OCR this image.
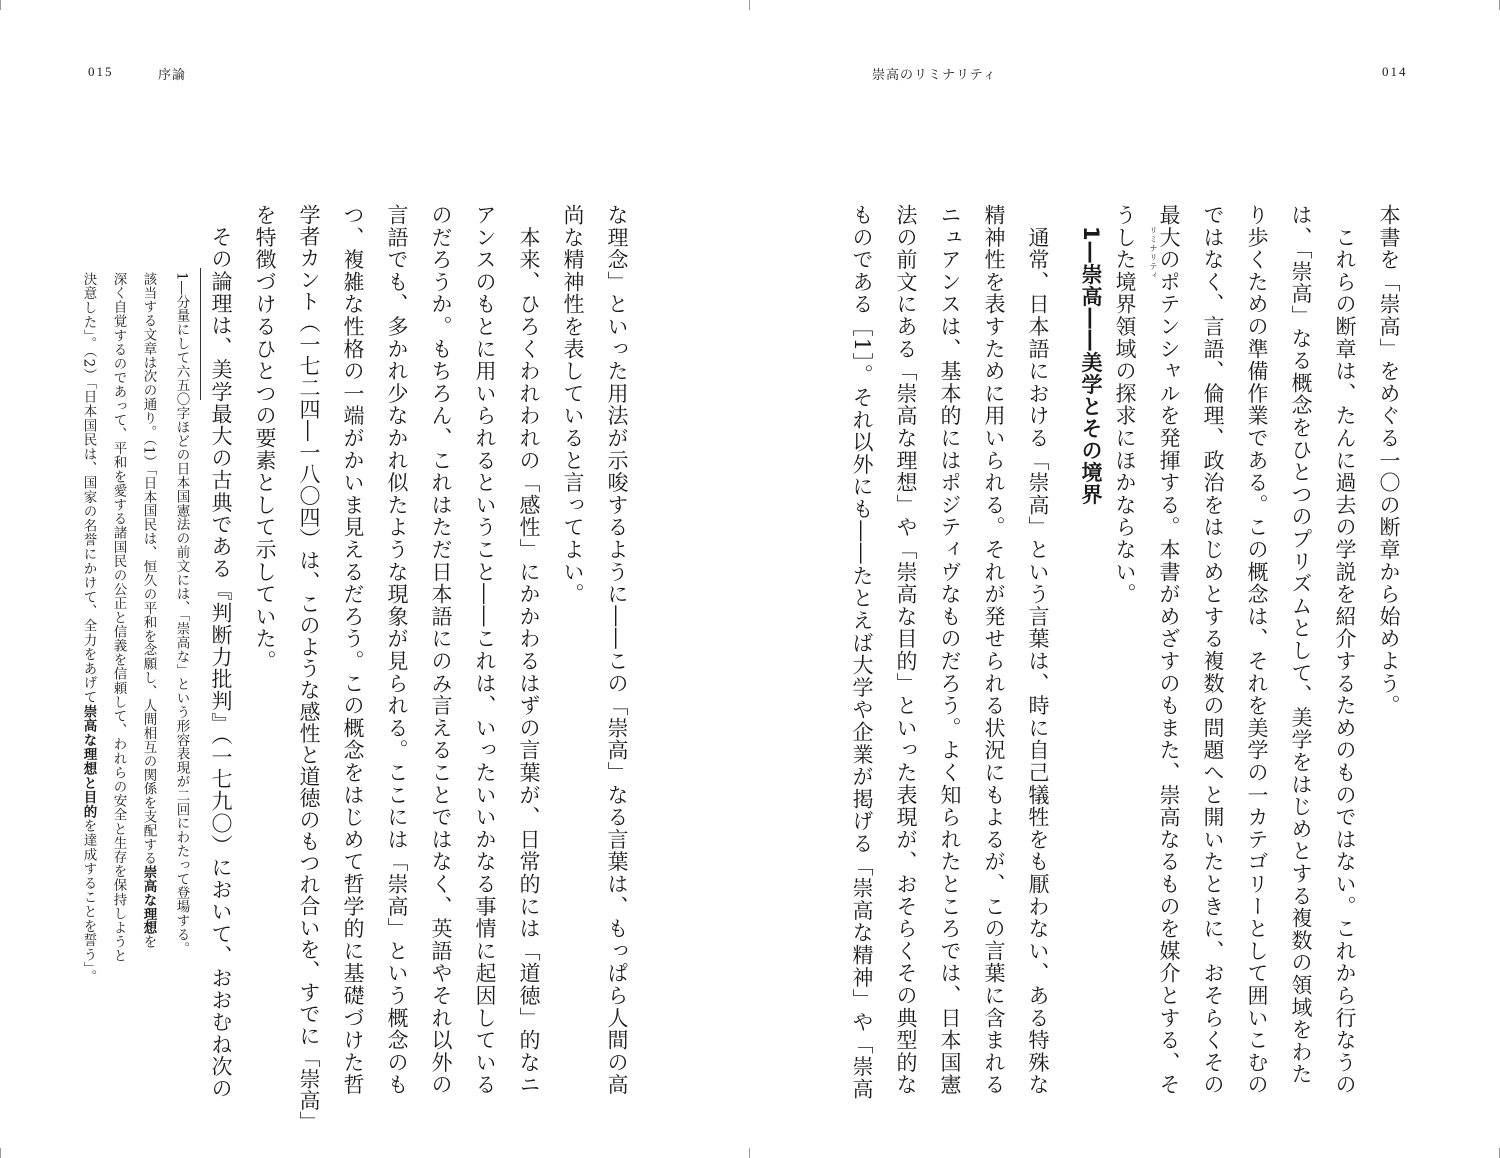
015	序論	崇高のリミナリティ	014
本書を「崇高」をめぐる一〇の断章から始めよう。
　これらの断章は、たんに過去の学説を紹介するためのものではない。これから行なうの
は、「崇高」なる概念をひとつのプリズムとして、美学をはじめとする複数の領域をわた
り歩くための準備作業である。この概念は、それを美学の一カテゴリーとして囲いこむの
ではなく、言語、倫理、政治をはじめとする複数の問題へと開いたときに、おそらくその
最大のポテンシャルを発揮する。本書がめざすのもまた、崇高なるものを媒介とする、そ
リミナリティ
うした境界領域の探求にほかならない。
1―崇高――美学とその境界
　通常、日本語における「崇高」という言葉は、時に自己犠牲をも厭わない、ある特殊な
精神性を表すために用いられる。それが発せられる状況にもよるが、この言葉に含まれる
ニュアンスは、基本的にはポジティヴなものだろう。よく知られたところでは、日本国憲
法の前文にある「崇高な理想」や「崇高な目的」といった表現が、おそらくその典型的な
ものである［1］。それ以外にも――たとえば大学や企業が掲げる「崇高な精神」や「崇高
な理念」といった用法が示唆するように――この「崇高」なる言葉は、もっぱら人間の高
尚な精神性を表していると言ってよい。
　本来、ひろくわれわれの「感性」にかかわるはずの言葉が、日常的には「道徳」的なニ
アンスのもとに用いられるということ――これは、いったいいかなる事情に起因している
のだろうか。もちろん、これはただ日本語にのみ言えることではなく、英語やそれ以外の
言語でも、多かれ少なかれ似たような現象が見られる。ここには「崇高」という概念のも
つ、複雑な性格の一端がかいま見えるだろう。この概念をはじめて哲学的に基礎づけた哲
学者カント（一七二四―一八〇四）は、このような感性と道徳のもつれ合いを、すでに「崇高」
を特徴づけるひとつの要素として示していた。
　その論理は、美学最大の古典である『判断力批判』（一七九〇）において、おおむね次の
1―分量にして六五〇字ほどの日本国憲法の前文には、「崇高な」という形容表現が二回にわたって登場する。
該当する文章は次の通り。（1）「日本国民は、恒久の平和を念願し、人間相互の関係を支配する崇高な理想を
深く自覚するのであって、平和を愛する諸国民の公正と信義を信頼して、われらの安全と生存を保持しようと
決意した」。（2）「日本国民は、国家の名誉にかけて、全力をあげて崇高な理想と目的を達成することを誓う」。
